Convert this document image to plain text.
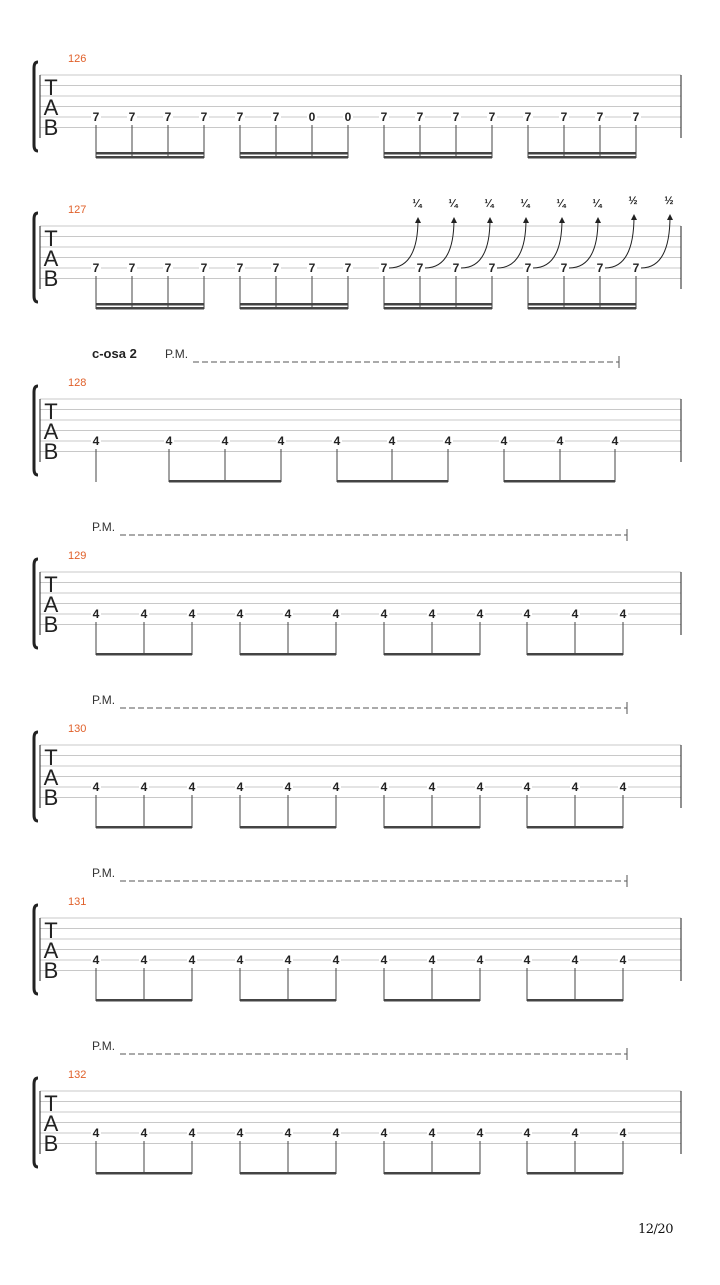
T
A
B
126
7 7 7 7 7 7 0 0 7 7 7 7 7 7 7 7
T
A
B
127
7 7 7 7 7 7 7 7 7 7 7 7 7 7 7 7
¼ ¼ ¼ ¼ ¼ ¼ ½ ½
T
A
B
128
c-osa 2 P.M.
4	4	4	4	4	4	4	4	4	4
T
A
B
129
P.M.
4	4	4	4	4	4	4	4	4	4	4	4
T
A
B
130
P.M.
4	4	4	4	4	4	4	4	4	4	4	4
T
A
B
131
P.M.
4	4	4	4	4	4	4	4	4	4	4	4
T
A
B
132
P.M.
4	4	4	4	4	4	4	4	4	4	4	4
12/20
